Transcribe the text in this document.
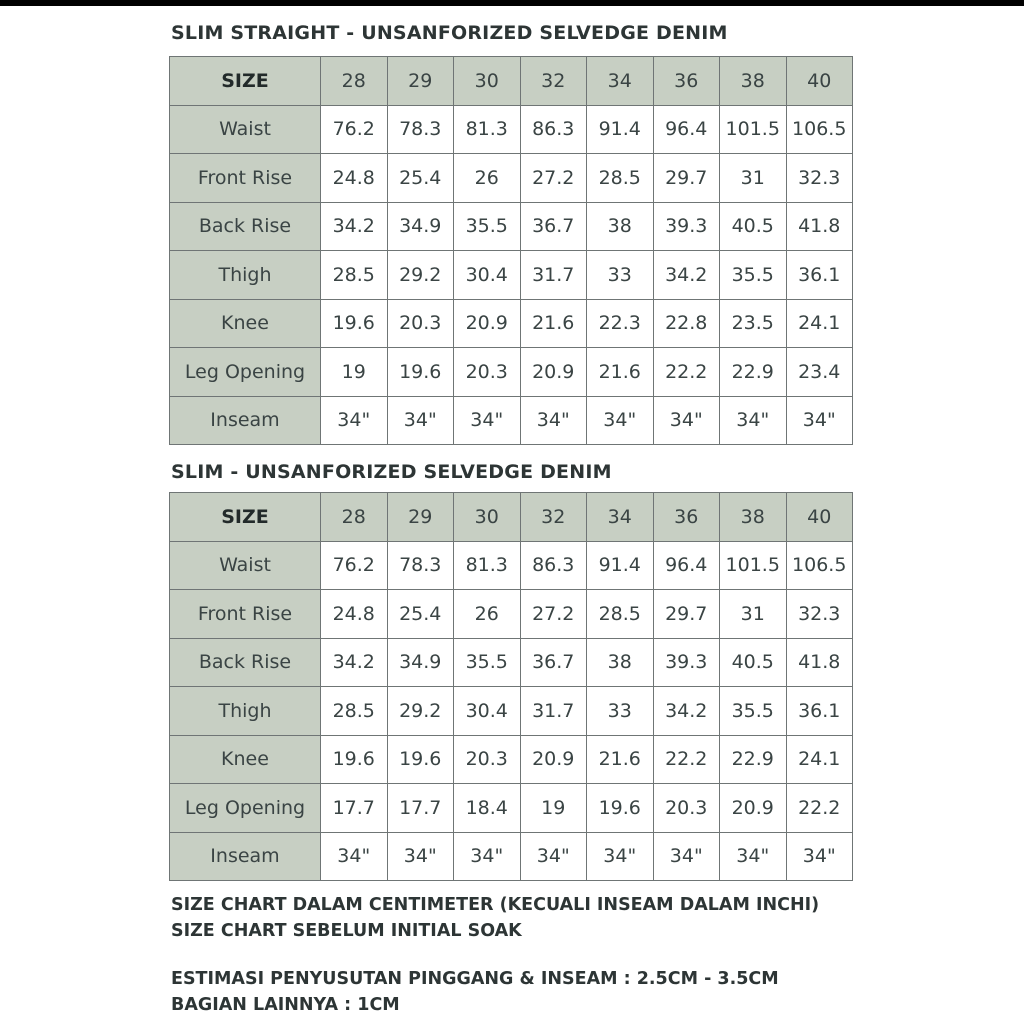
SLIM STRAIGHT - UNSANFORIZED SELVEDGE DENIM
SIZE	28	29	30	32	34	36	38	40
Waist	76.2	78.3	81.3	86.3	91.4	96.4	101.5	106.5
Front Rise	24.8	25.4	26	27.2	28.5	29.7	31	32.3
Back Rise	34.2	34.9	35.5	36.7	38	39.3	40.5	41.8
Thigh	28.5	29.2	30.4	31.7	33	34.2	35.5	36.1
Knee	19.6	20.3	20.9	21.6	22.3	22.8	23.5	24.1
Leg Opening	19	19.6	20.3	20.9	21.6	22.2	22.9	23.4
Inseam	34"	34"	34"	34"	34"	34"	34"	34"
SLIM - UNSANFORIZED SELVEDGE DENIM
SIZE	28	29	30	32	34	36	38	40
Waist	76.2	78.3	81.3	86.3	91.4	96.4	101.5	106.5
Front Rise	24.8	25.4	26	27.2	28.5	29.7	31	32.3
Back Rise	34.2	34.9	35.5	36.7	38	39.3	40.5	41.8
Thigh	28.5	29.2	30.4	31.7	33	34.2	35.5	36.1
Knee	19.6	19.6	20.3	20.9	21.6	22.2	22.9	24.1
Leg Opening	17.7	17.7	18.4	19	19.6	20.3	20.9	22.2
Inseam	34"	34"	34"	34"	34"	34"	34"	34"
SIZE CHART DALAM CENTIMETER (KECUALI INSEAM DALAM INCHI)
SIZE CHART SEBELUM INITIAL SOAK
ESTIMASI PENYUSUTAN PINGGANG & INSEAM : 2.5CM - 3.5CM
BAGIAN LAINNYA : 1CM
